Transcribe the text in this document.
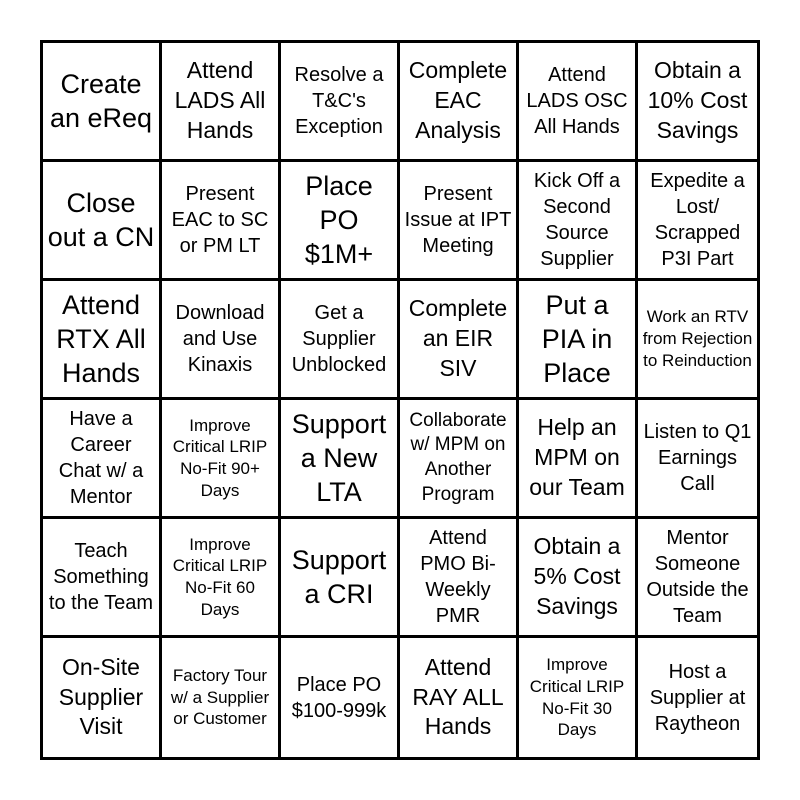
Create an eReq
Attend LADS All Hands
Resolve a T&C's Exception
Complete EAC Analysis
Attend LADS OSC All Hands
Obtain a 10% Cost Savings
Close out a CN
Present EAC to SC or PM LT
Place PO $1M+
Present Issue at IPT Meeting
Kick Off a Second Source Supplier
Expedite a Lost/ Scrapped P3I Part
Attend RTX All Hands
Download and Use Kinaxis
Get a Supplier Unblocked
Complete an EIR SIV
Put a PIA in Place
Work an RTV from Rejection to Reinduction
Have a Career Chat w/ a Mentor
Improve Critical LRIP No-Fit 90+ Days
Support a New LTA
Collaborate w/ MPM on Another Program
Help an MPM on our Team
Listen to Q1 Earnings Call
Teach Something to the Team
Improve Critical LRIP No-Fit 60 Days
Support a CRI
Attend PMO Bi-Weekly PMR
Obtain a 5% Cost Savings
Mentor Someone Outside the Team
On-Site Supplier Visit
Factory Tour w/ a Supplier or Customer
Place PO $100-999k
Attend RAY ALL Hands
Improve Critical LRIP No-Fit 30 Days
Host a Supplier at Raytheon
